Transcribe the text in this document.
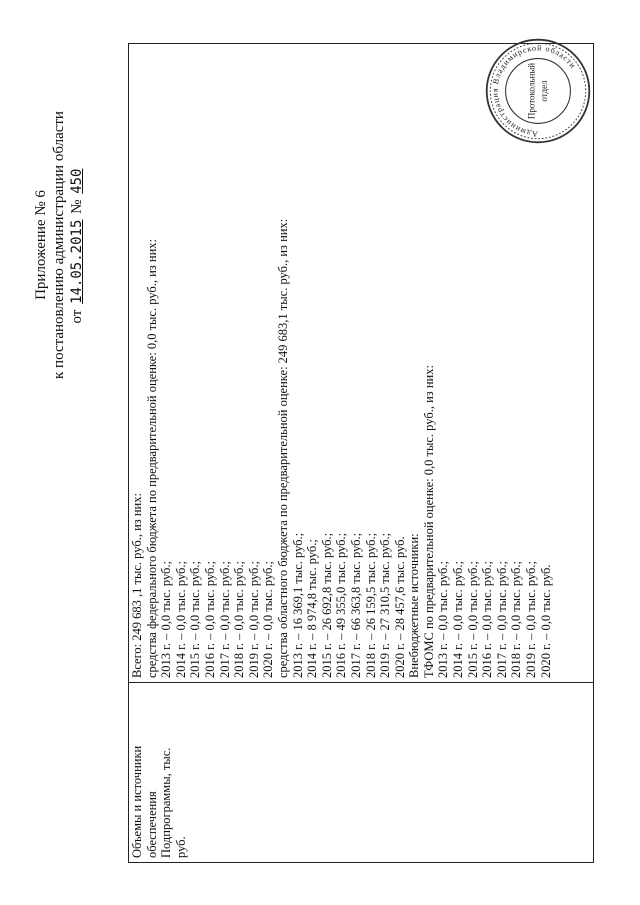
Приложение № 6 к постановлению администрации области от 14.05.2015 № 450
Объемы и источники обеспечения Подпрограммы, тыс. руб.
Всего: 249 683 ,1 тыс. руб., из них: средства федерального бюджета по предварительной оценке: 0,0 тыс. руб., из них: 2013 г. – 0,0 тыс. руб.; 2014 г. – 0,0 тыс. руб.; 2015 г. – 0,0 тыс. руб.; 2016 г. – 0,0 тыс. руб.; 2017 г. – 0,0 тыс. руб.; 2018 г. – 0,0 тыс. руб.; 2019 г. – 0,0 тыс. руб.; 2020 г. – 0,0 тыс. руб.; средства областного бюджета по предварительной оценке: 249 683,1 тыс. руб., из них: 2013 г. – 16 369,1 тыс. руб.; 2014 г. – 8 974,8 тыс. руб.; 2015 г. – 26 692,8 тыс. руб.; 2016 г. – 49 355,0 тыс. руб.; 2017 г. – 66 363,8 тыс. руб.; 2018 г. – 26 159,5 тыс. руб.; 2019 г. – 27 310,5 тыс. руб.; 2020 г. – 28 457,6 тыс. руб. Внебюджетные источники: ТФОМС по предварительной оценке: 0,0 тыс. руб., из них: 2013 г. – 0,0 тыс. руб.; 2014 г. – 0,0 тыс. руб.; 2015 г. – 0,0 тыс. руб.; 2016 г. – 0,0 тыс. руб.; 2017 г. – 0,0 тыс. руб.; 2018 г. – 0,0 тыс. руб.; 2019 г. – 0,0 тыс. руб.; 2020 г. – 0,0 тыс. руб.
Администрация Владимирской области
Протокольный отдел
